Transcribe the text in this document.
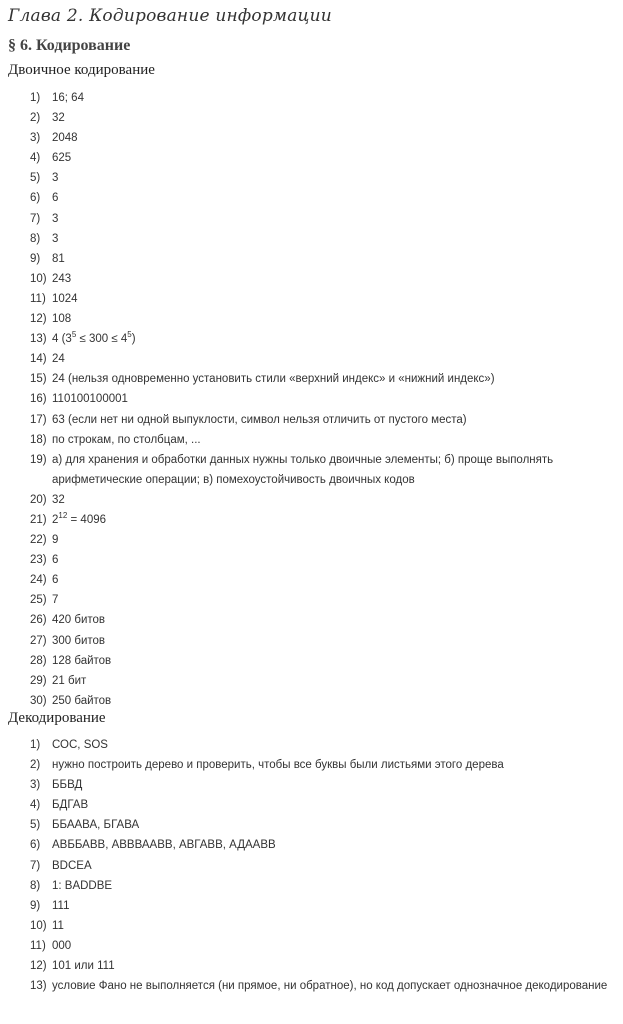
Глава 2. Кодирование информации
§ 6. Кодирование
Двоичное кодирование
1)	16; 64
2)	32
3)	2048
4)	625
5)	3
6)	6
7)	3
8)	3
9)	81
10) 243
11) 1024
12) 108
13) 4 $(3^5 \le 300 \le 4^5)$
14) 24
15) 24 (нельзя одновременно установить стили «верхний индекс» и «нижний индекс»)
16) 110100100001
17) 63 (если нет ни одной выпуклости, символ нельзя отличить от пустого места)
18) по строкам, по столбцам, ...
19) а) для хранения и обработки данных нужны только двоичные элементы; б) проще выполнять арифметические операции; в) помехоустойчивость двоичных кодов
20) 32
21) $2^{12} = 4096$
22) 9
23) 6
24) 6
25) 7
26) 420 битов
27) 300 битов
28) 128 байтов
29) 21 бит
30) 250 байтов
Декодирование
1)	СОС, SOS
2)	нужно построить дерево и проверить, чтобы все буквы были листьями этого дерева
3)	ББВД
4)	БДГАВ
5)	ББААВА, БГАВА
6)	АВББАВВ, АВВВААВВ, АВГАВВ, АДААВВ
7)	BDCEA
8)	1: BADDBE
9)	111
10) 11
11) 000
12) 101 или 111
13) условие Фано не выполняется (ни прямое, ни обратное), но код допускает однозначное декодирование
